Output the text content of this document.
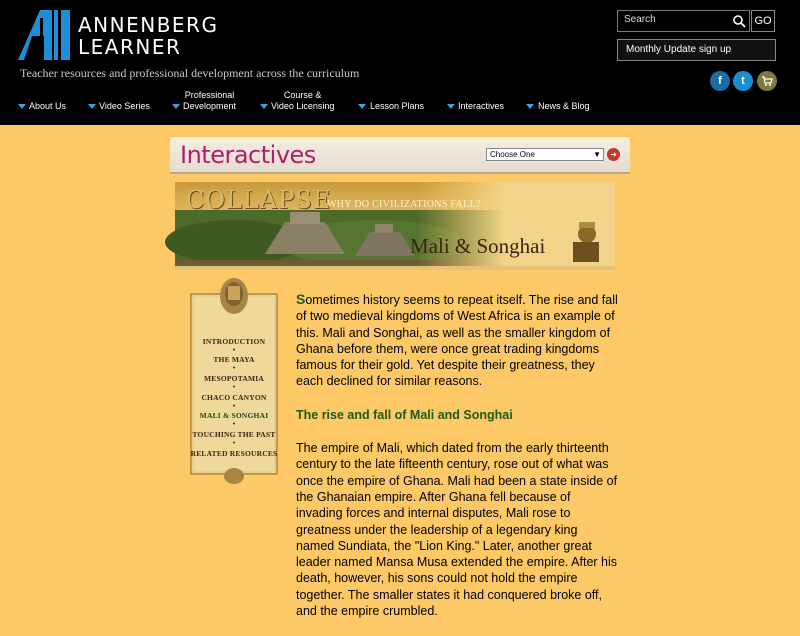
ANNENBERG
LEARNER
Teacher resources and professional development across the curriculum
Search	GO
Monthly Update sign up
f	t
About Us	Video Series
Professional
Development
Course &
Video Licensing	Lesson Plans	Interactives	News & Blog
Interactives	Choose One	▼	➜
COLLAPSE
WHY DO CIVILIZATIONS FALL?
Mali & Songhai
INTRODUCTION
•
THE MAYA
•
MESOPOTAMIA
•
CHACO CANYON
•
MALI & SONGHAI
•
TOUCHING THE PAST
•
RELATED RESOURCES

Sometimes history seems to repeat itself. The rise and fall of two medieval kingdoms of West Africa is an example of this. Mali and Songhai, as well as the smaller kingdom of Ghana before them, were once great trading kingdoms famous for their gold. Yet despite their greatness, they each declined for similar reasons.

The rise and fall of Mali and Songhai

The empire of Mali, which dated from the early thirteenth century to the late fifteenth century, rose out of what was once the empire of Ghana. Mali had been a state inside of the Ghanaian empire. After Ghana fell because of invading forces and internal disputes, Mali rose to greatness under the leadership of a legendary king named Sundiata, the "Lion King." Later, another great leader named Mansa Musa extended the empire. After his death, however, his sons could not hold the empire together. The smaller states it had conquered broke off, and the empire crumbled.
